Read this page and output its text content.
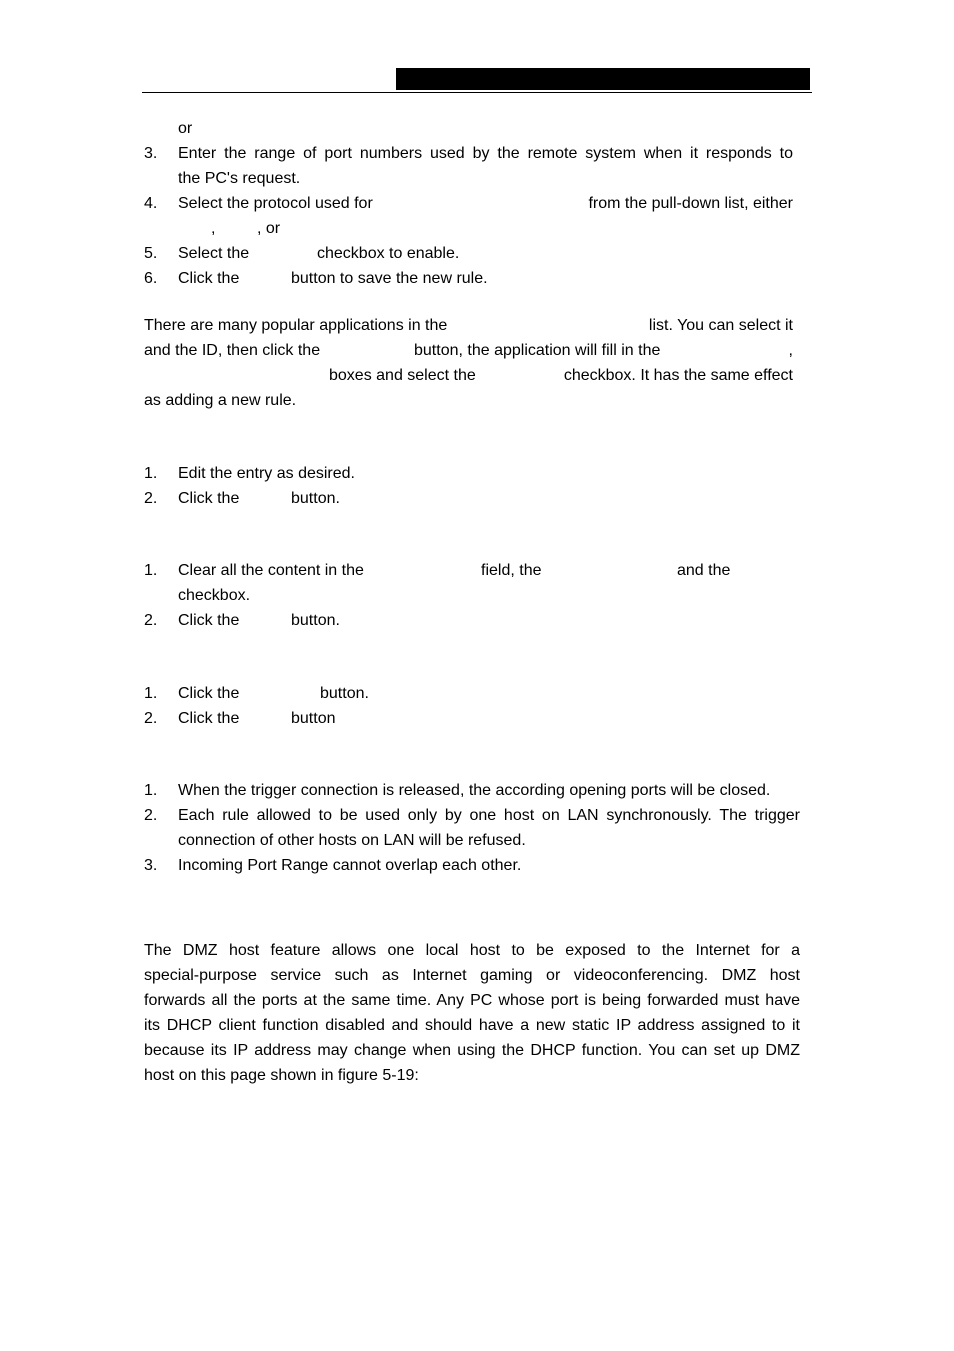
or
3. Enter the range of port numbers used by the remote system when it responds to
the PC's request.
4. Select the protocol used for	from the pull-down list, either
,	, or
5. Select the	checkbox to enable.
6. Click the	button to save the new rule.
There are many popular applications in the	list. You can select it
and the ID, then click the	button, the application will fill in the	,
boxes and select the	checkbox. It has the same effect
as adding a new rule.
1. Edit the entry as desired.
2. Click the	button.
1. Clear all the content in the	field, the	and the
checkbox.
2. Click the	button.
1. Click the	button.
2. Click the	button
1. When the trigger connection is released, the according opening ports will be closed.
2. Each rule allowed to be used only by one host on LAN synchronously. The trigger
connection of other hosts on LAN will be refused.
3. Incoming Port Range cannot overlap each other.
The DMZ host feature allows one local host to be exposed to the Internet for a
special-purpose service such as Internet gaming or videoconferencing. DMZ host
forwards all the ports at the same time. Any PC whose port is being forwarded must have
its DHCP client function disabled and should have a new static IP address assigned to it
because its IP address may change when using the DHCP function. You can set up DMZ
host on this page shown in figure 5-19:
